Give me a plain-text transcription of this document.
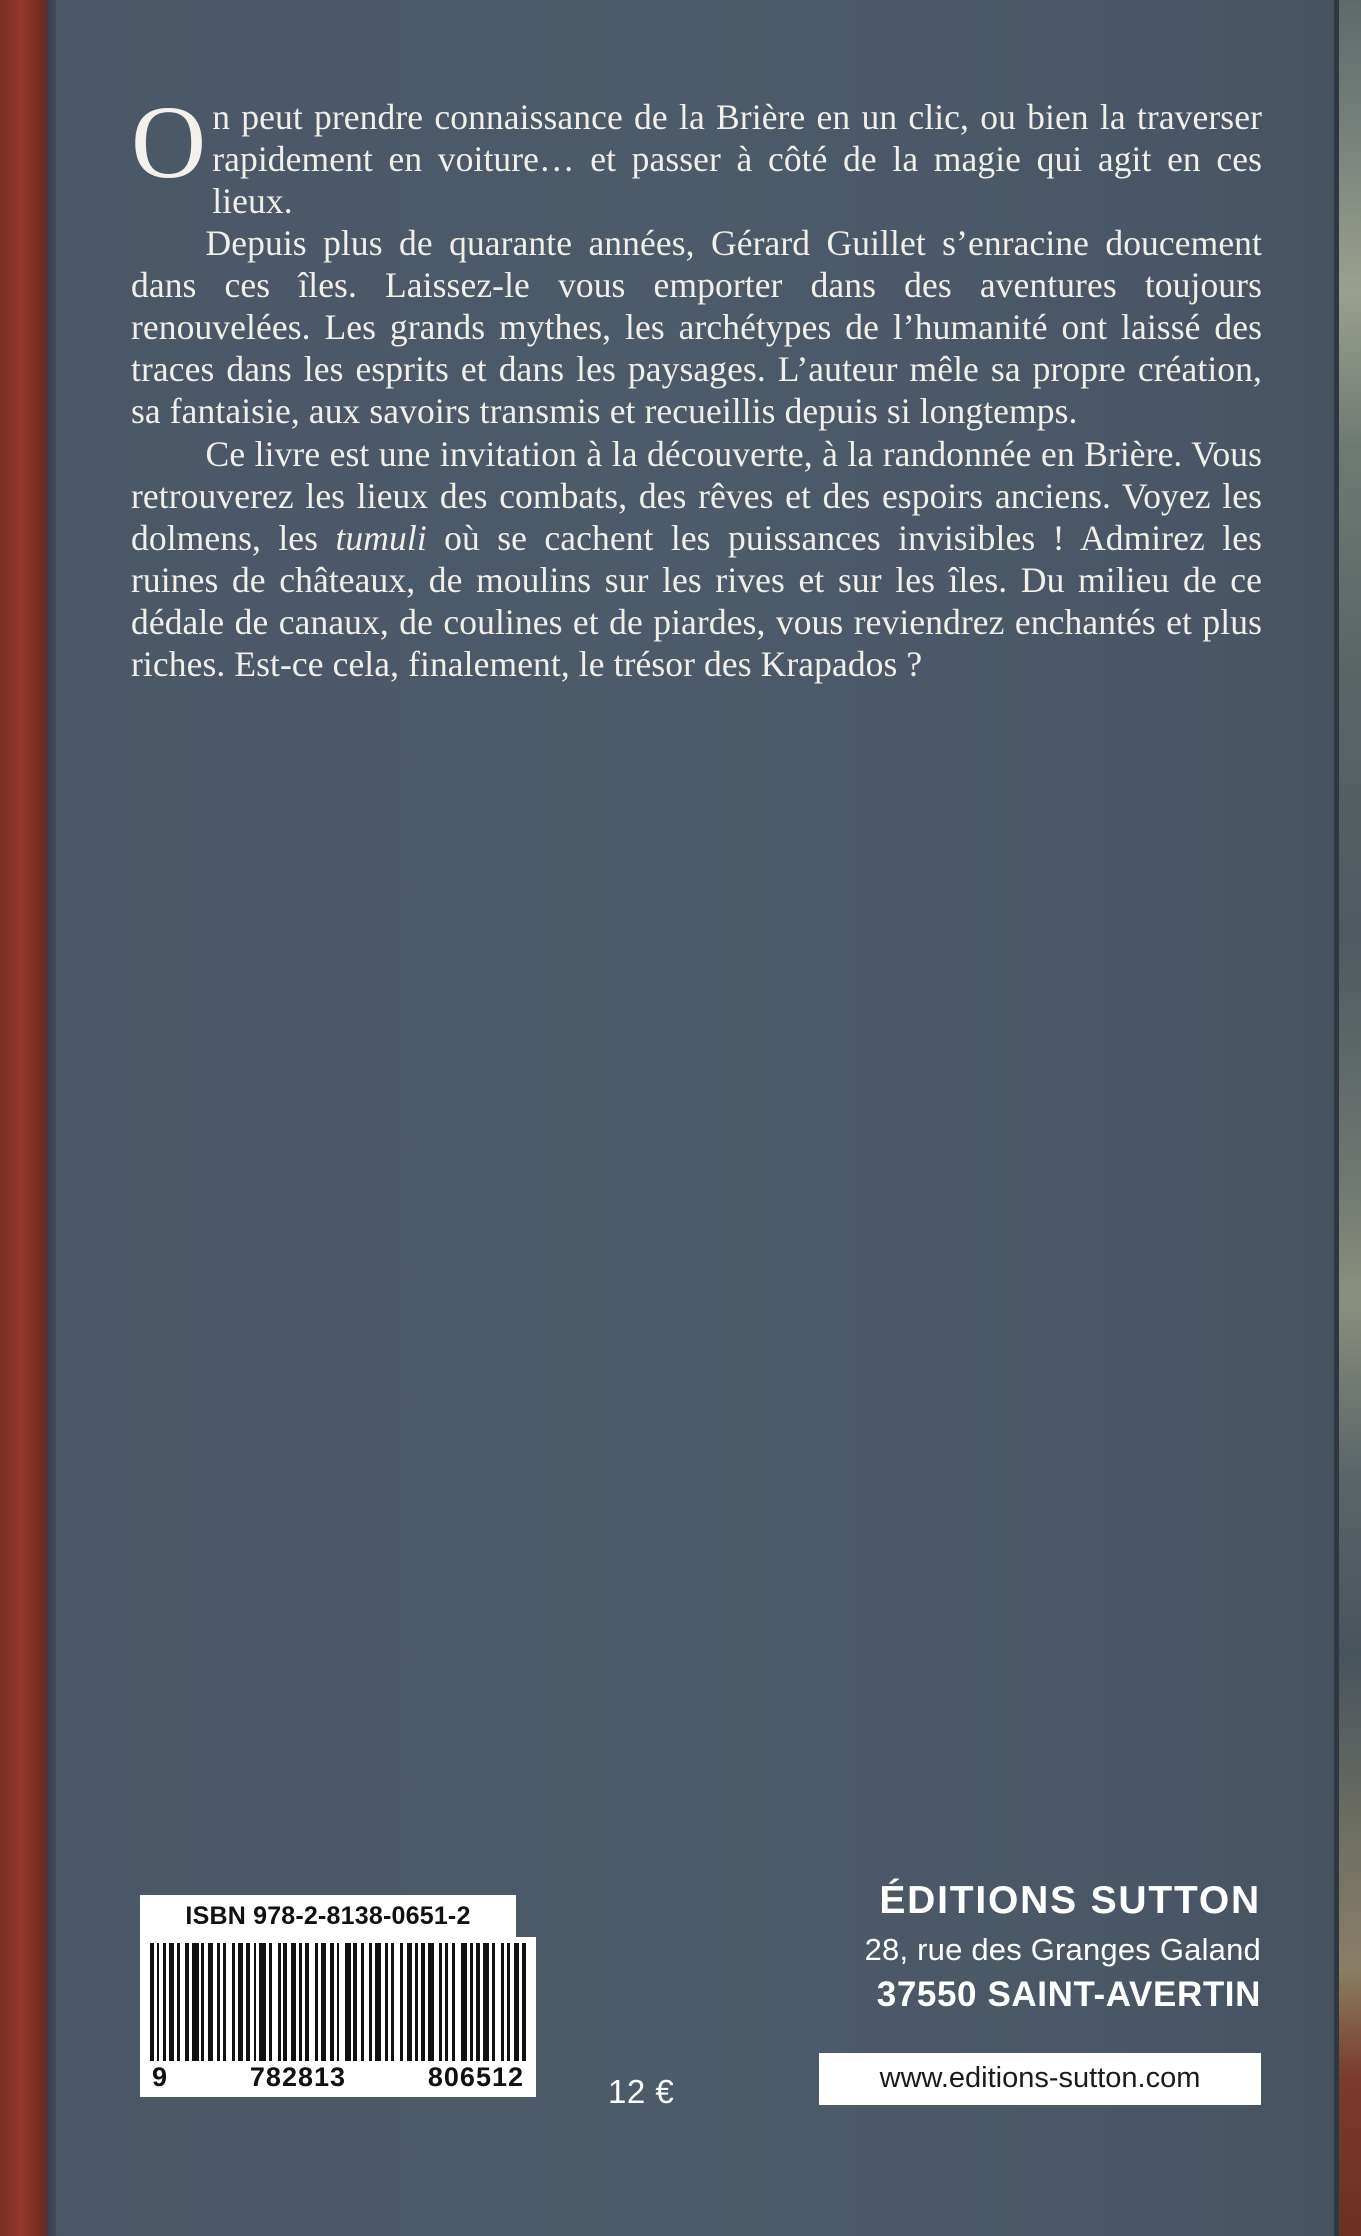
On peut prendre connaissance de la Brière en un clic, ou bien la traverser rapidement en voiture… et passer à côté de la magie qui agit en ces lieux.

Depuis plus de quarante années, Gérard Guillet s’enracine doucement dans ces îles. Laissez-le vous emporter dans des aventures toujours renouvelées. Les grands mythes, les archétypes de l’humanité ont laissé des traces dans les esprits et dans les paysages. L’auteur mêle sa propre création, sa fantaisie, aux savoirs transmis et recueillis depuis si longtemps.

Ce livre est une invitation à la découverte, à la randonnée en Brière. Vous retrouverez les lieux des combats, des rêves et des espoirs anciens. Voyez les dolmens, les tumuli où se cachent les puissances invisibles ! Admirez les ruines de châteaux, de moulins sur les rives et sur les îles. Du milieu de ce dédale de canaux, de coulines et de piardes, vous reviendrez enchantés et plus riches. Est-ce cela, finalement, le trésor des Krapados ?

ISBN 978-2-8138-0651-2
9	782813	806512	12 €
ÉDITIONS SUTTON
28, rue des Granges Galand
37550 SAINT-AVERTIN
www.editions-sutton.com
